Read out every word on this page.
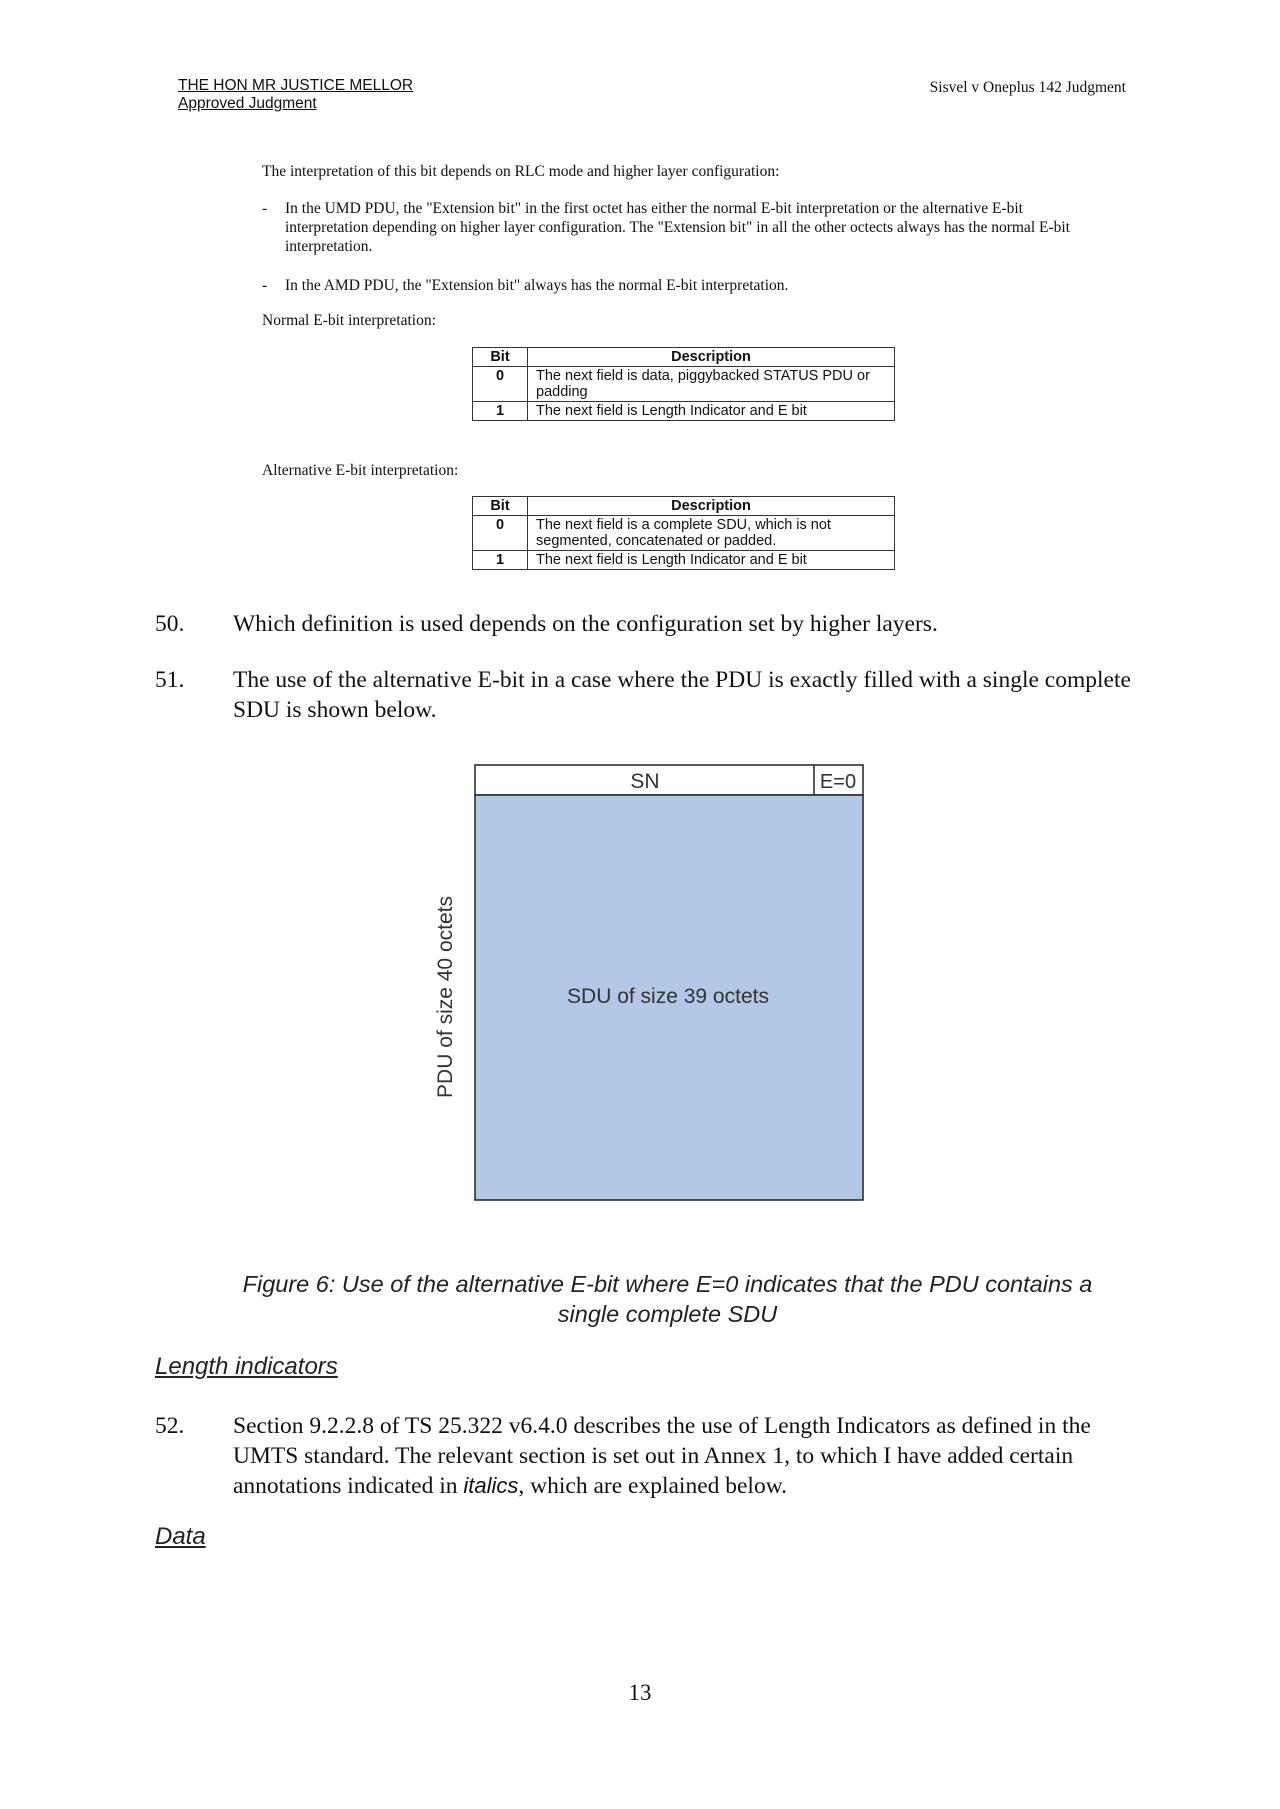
THE HON MR JUSTICE MELLOR
Approved Judgment
Sisvel v Oneplus 142 Judgment
The interpretation of this bit depends on RLC mode and higher layer configuration:
- In the UMD PDU, the "Extension bit" in the first octet has either the normal E-bit interpretation or the alternative E-bit interpretation depending on higher layer configuration. The "Extension bit" in all the other octects always has the normal E-bit interpretation.
- In the AMD PDU, the "Extension bit" always has the normal E-bit interpretation.
Normal E-bit interpretation:
Bit	Description
0	The next field is data, piggybacked STATUS PDU or padding
1	The next field is Length Indicator and E bit
Alternative E-bit interpretation:
Bit	Description
0	The next field is a complete SDU, which is not segmented, concatenated or padded.
1	The next field is Length Indicator and E bit
50. Which definition is used depends on the configuration set by higher layers.
51. The use of the alternative E-bit in a case where the PDU is exactly filled with a single complete SDU is shown below.
SN	E=0
SDU of size 39 octets
PDU of size 40 octets
Figure 6: Use of the alternative E-bit where E=0 indicates that the PDU contains a
single complete SDU
Length indicators
52. Section 9.2.2.8 of TS 25.322 v6.4.0 describes the use of Length Indicators as defined in the UMTS standard. The relevant section is set out in Annex 1, to which I have added certain annotations indicated in italics, which are explained below.
Data
13
